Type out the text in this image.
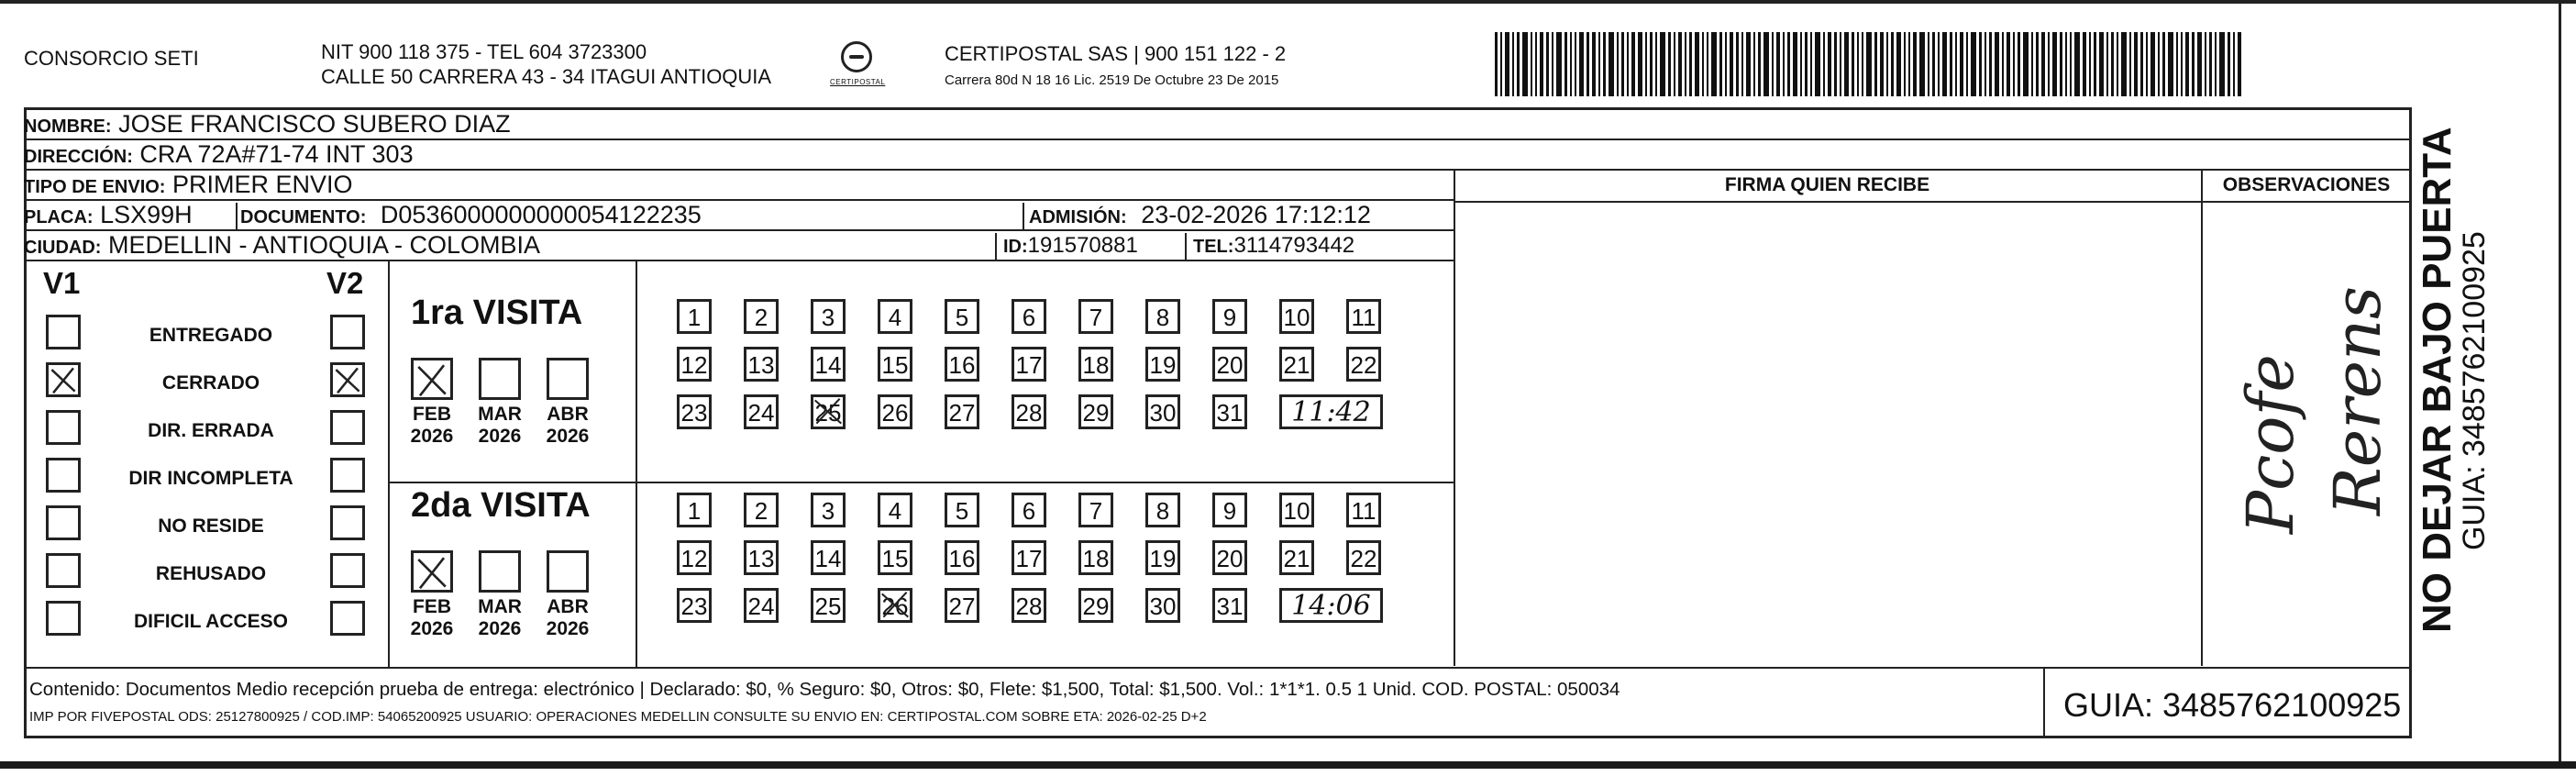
CONSORCIO SETI	NIT 900 118 375 - TEL 604 3723300
CALLE 50 CARRERA 43 - 34 ITAGUI ANTIOQUIA	CERTIPOSTAL
CERTIPOSTAL SAS | 900 151 122 - 2
Carrera 80d N 18 16 Lic. 2519 De Octubre 23 De 2015
NOMBRE: JOSE FRANCISCO SUBERO DIAZ
DIRECCIÓN: CRA 72A#71-74 INT 303
TIPO DE ENVIO: PRIMER ENVIO
PLACA: LSX99H	DOCUMENTO: D0536000000000054122235	ADMISIÓN: 23-02-2026 17:12:12
CIUDAD: MEDELLIN - ANTIOQUIA - COLOMBIA	ID:191570881	TEL:3114793442
FIRMA QUIEN RECIBE	OBSERVACIONES
Pcofe Rerens
V1	V2
ENTREGADO
CERRADO
DIR. ERRADA
DIR INCOMPLETA
NO RESIDE
REHUSADO
DIFICIL ACCESO
1ra VISITA
2da VISITA
FEB
2026
MAR
2026
ABR
2026
FEB
2026
MAR
2026
ABR
2026
1	2	3	4	5	6	7	8	9	10 11
12 13 14 15 16 17 18 19 20 21 22
23 24 25 26 27 28 29 30 31	11:42
1	2	3	4	5	6	7	8	9	10 11
12 13 14 15 16 17 18 19 20 21 22
23 24 25 26 27 28 29 30 31	14:06
Contenido: Documentos Medio recepción prueba de entrega: electrónico | Declarado: $0, % Seguro: $0, Otros: $0, Flete: $1,500, Total: $1,500. Vol.: 1*1*1. 0.5 1 Unid. COD. POSTAL: 050034
IMP POR FIVEPOSTAL ODS: 25127800925 / COD.IMP: 54065200925 USUARIO: OPERACIONES MEDELLIN CONSULTE SU ENVIO EN: CERTIPOSTAL.COM SOBRE ETA: 2026-02-25 D+2	GUIA: 3485762100925
NO DEJAR BAJO PUERTA
GUIA: 3485762100925
